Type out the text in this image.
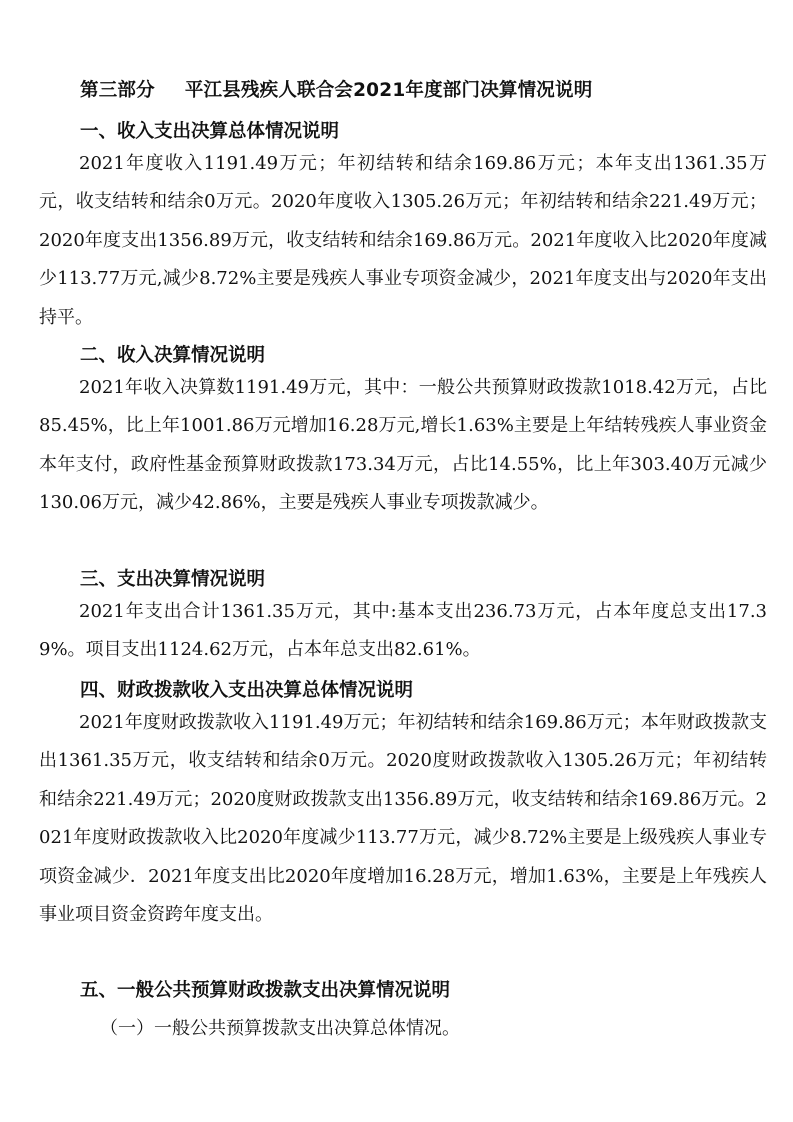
第三部分 平江县残疾人联合会2021年度部门决算情况说明
一、收入支出决算总体情况说明
2021年度收入1191.49万元；年初结转和结余169.86万元；本年支出1361.35万元，收支结转和结余0万元。2020年度收入1305.26万元；年初结转和结余221.49万元；2020年度支出1356.89万元，收支结转和结余169.86万元。2021年度收入比2020年度减少113.77万元,减少8.72%主要是残疾人事业专项资金减少，2021年度支出与2020年支出持平。
二、收入决算情况说明
2021年收入决算数1191.49万元，其中：一般公共预算财政拨款1018.42万元，占比85.45%，比上年1001.86万元增加16.28万元,增长1.63%主要是上年结转残疾人事业资金本年支付，政府性基金预算财政拨款173.34万元，占比14.55%，比上年303.40万元减少130.06万元，减少42.86%，主要是残疾人事业专项拨款减少。
三、支出决算情况说明
2021年支出合计1361.35万元，其中:基本支出236.73万元，占本年度总支出17.39%。项目支出1124.62万元，占本年总支出82.61%。
四、财政拨款收入支出决算总体情况说明
2021年度财政拨款收入1191.49万元；年初结转和结余169.86万元；本年财政拨款支出1361.35万元，收支结转和结余0万元。2020度财政拨款收入1305.26万元；年初结转和结余221.49万元；2020度财政拨款支出1356.89万元，收支结转和结余169.86万元。2021年度财政拨款收入比2020年度减少113.77万元，减少8.72%主要是上级残疾人事业专项资金减少．2021年度支出比2020年度增加16.28万元，增加1.63%，主要是上年残疾人事业项目资金资跨年度支出。
五、一般公共预算财政拨款支出决算情况说明
（一）一般公共预算拨款支出决算总体情况。
